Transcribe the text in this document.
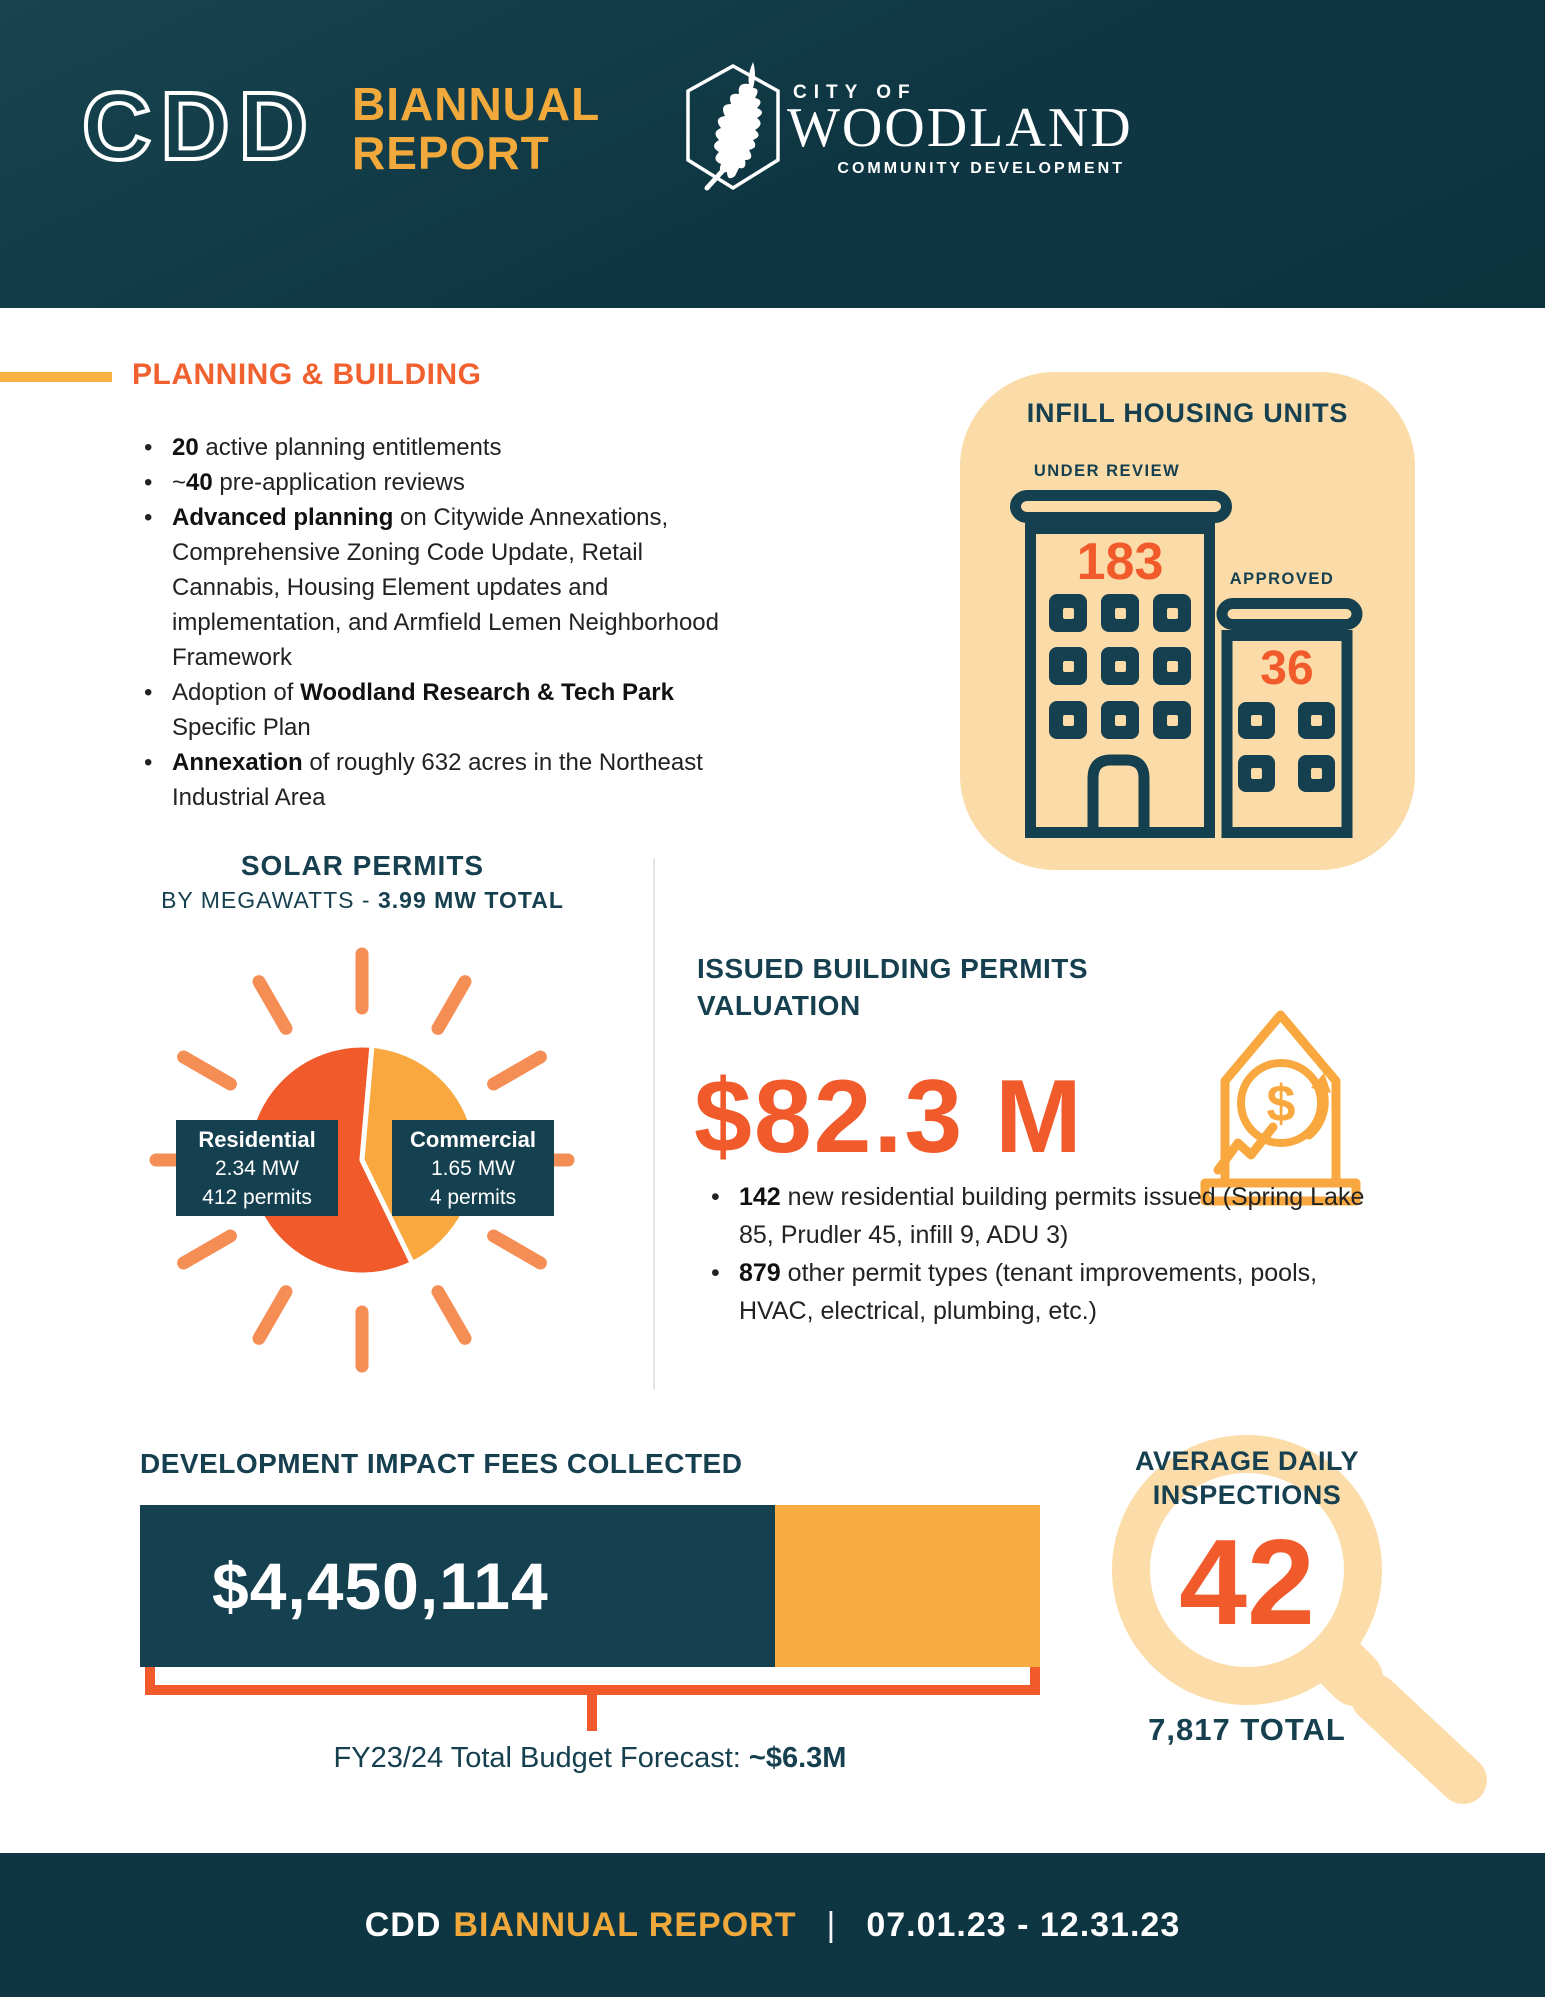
CDD BIANNUAL
REPORT
CITY OF
WOODLAND
COMMUNITY DEVELOPMENT
PLANNING & BUILDING
• 20 active planning entitlements
• ~40 pre-application reviews
• Advanced planning on Citywide Annexations, Comprehensive Zoning Code Update, Retail Cannabis, Housing Element updates and implementation, and Armfield Lemen Neighborhood Framework
• Adoption of Woodland Research & Tech Park Specific Plan
• Annexation of roughly 632 acres in the Northeast Industrial Area
INFILL HOUSING UNITS
UNDER REVIEW
APPROVED
36
183
SOLAR PERMITS
BY MEGAWATTS - 3.99 MW TOTAL
Residential
2.34 MW
412 permits
Commercial
1.65 MW
4 permits
ISSUED BUILDING PERMITS
VALUATION
$82.3 M	$
• 142 new residential building permits issued (Spring Lake 85, Prudler 45, infill 9, ADU 3)
• 879 other permit types (tenant improvements, pools, HVAC, electrical, plumbing, etc.)
DEVELOPMENT IMPACT FEES COLLECTED
$4,450,114
FY23/24 Total Budget Forecast: ~$6.3M
AVERAGE DAILY
INSPECTIONS
42
7,817 TOTAL
CDD BIANNUAL REPORT | 07.01.23 - 12.31.23
